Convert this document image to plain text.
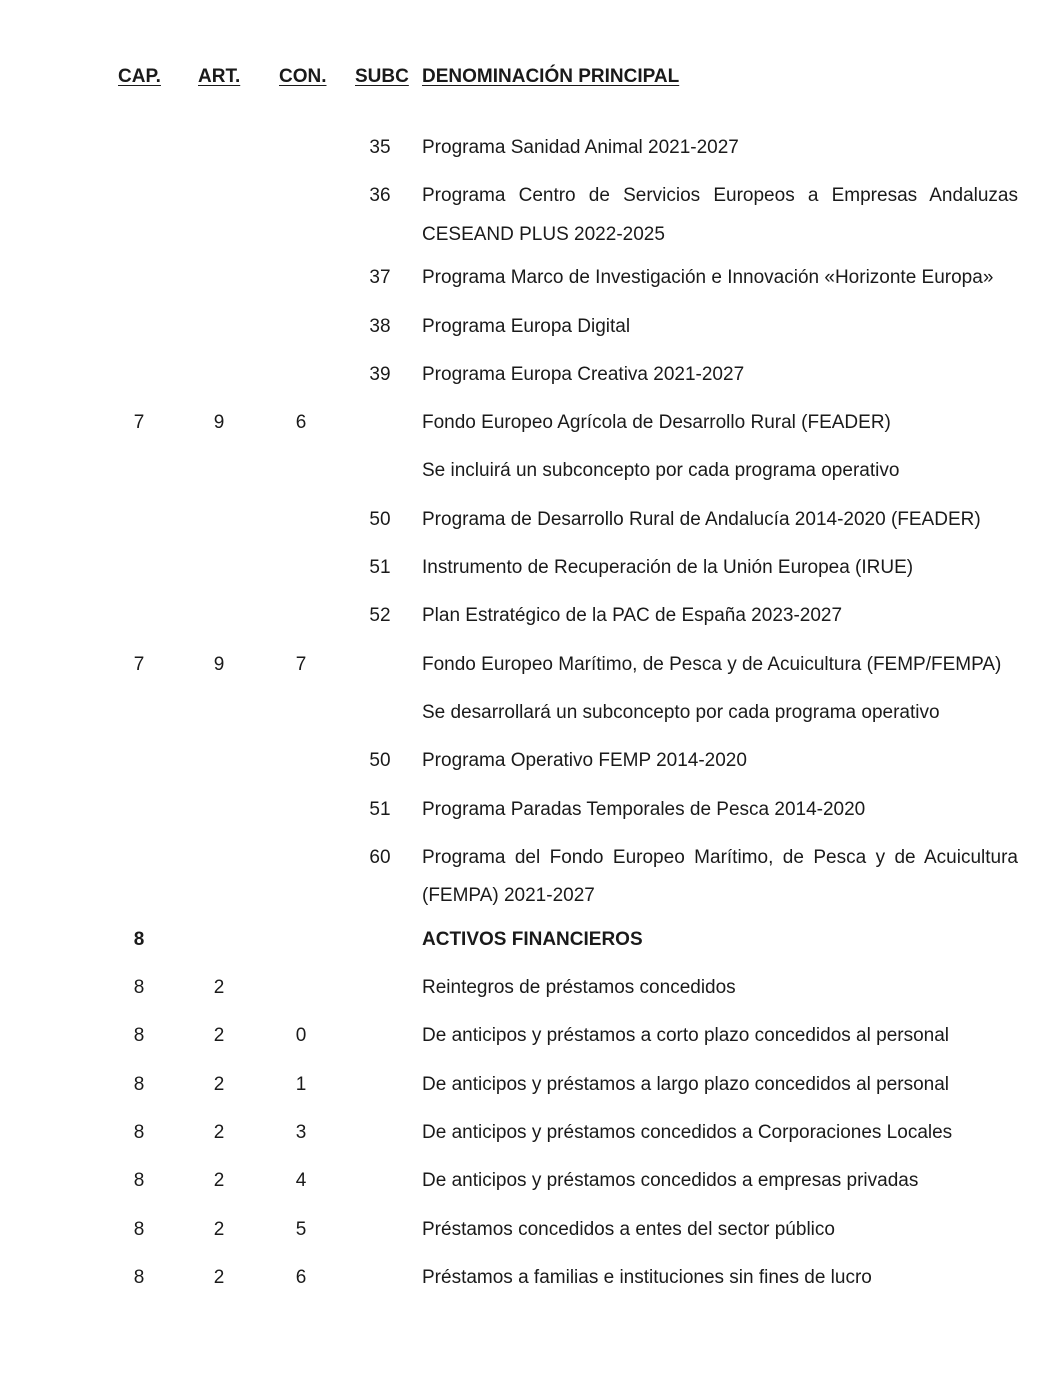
CAP. ART. CON. SUBC DENOMINACIÓN PRINCIPAL
35 Programa Sanidad Animal 2021-2027
36 Programa Centro de Servicios Europeos a Empresas Andaluzas CESEAND PLUS 2022-2025
37 Programa Marco de Investigación e Innovación «Horizonte Europa»
38 Programa Europa Digital
39 Programa Europa Creativa 2021-2027
7	9	6	Fondo Europeo Agrícola de Desarrollo Rural (FEADER)
Se incluirá un subconcepto por cada programa operativo
50 Programa de Desarrollo Rural de Andalucía 2014-2020 (FEADER)
51 Instrumento de Recuperación de la Unión Europea (IRUE)
52 Plan Estratégico de la PAC de España 2023-2027
7	9	7	Fondo Europeo Marítimo, de Pesca y de Acuicultura (FEMP/FEMPA)
Se desarrollará un subconcepto por cada programa operativo
50 Programa Operativo FEMP 2014-2020
51 Programa Paradas Temporales de Pesca 2014-2020
60 Programa del Fondo Europeo Marítimo, de Pesca y de Acuicultura (FEMPA) 2021-2027
8	ACTIVOS FINANCIEROS
8	2	Reintegros de préstamos concedidos
8	2	0	De anticipos y préstamos a corto plazo concedidos al personal
8	2	1	De anticipos y préstamos a largo plazo concedidos al personal
8	2	3	De anticipos y préstamos concedidos a Corporaciones Locales
8	2	4	De anticipos y préstamos concedidos a empresas privadas
8	2	5	Préstamos concedidos a entes del sector público
8	2	6	Préstamos a familias e instituciones sin fines de lucro
